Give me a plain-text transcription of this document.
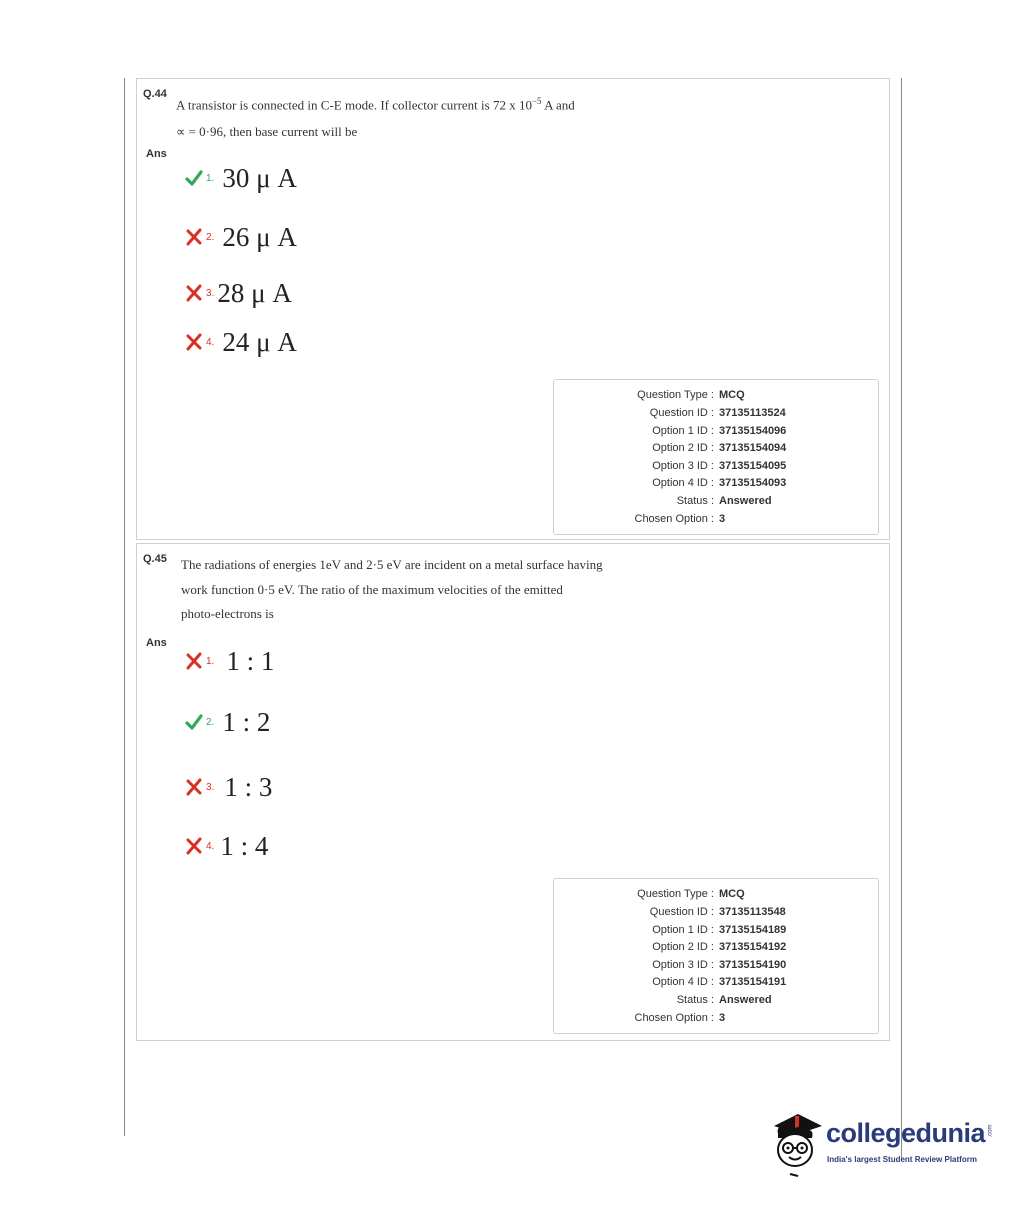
Q.44
A transistor is connected in C-E mode. If collector current is 72 x $10^{-5}$ A and
∝ = 0·96, then base current will be
Ans
1. 30 μ A
2. 26 μ A
3. 28 μ A
4. 24 μ A
Question Type : MCQ
Question ID : 37135113524
Option 1 ID : 37135154096
Option 2 ID : 37135154094
Option 3 ID : 37135154095
Option 4 ID : 37135154093
Status : Answered
Chosen Option : 3
Q.45 The radiations of energies 1eV and 2·5 eV are incident on a metal surface having
work function 0·5 eV. The ratio of the maximum velocities of the emitted
photo-electrons is
Ans
1. 1 : 1
2. 1 : 2
3. 1 : 3
4. 1 : 4
Question Type : MCQ
Question ID : 37135113548
Option 1 ID : 37135154189
Option 2 ID : 37135154192
Option 3 ID : 37135154190
Option 4 ID : 37135154191
Status : Answered
Chosen Option : 3
collegedunia .com
India's largest Student Review Platform
